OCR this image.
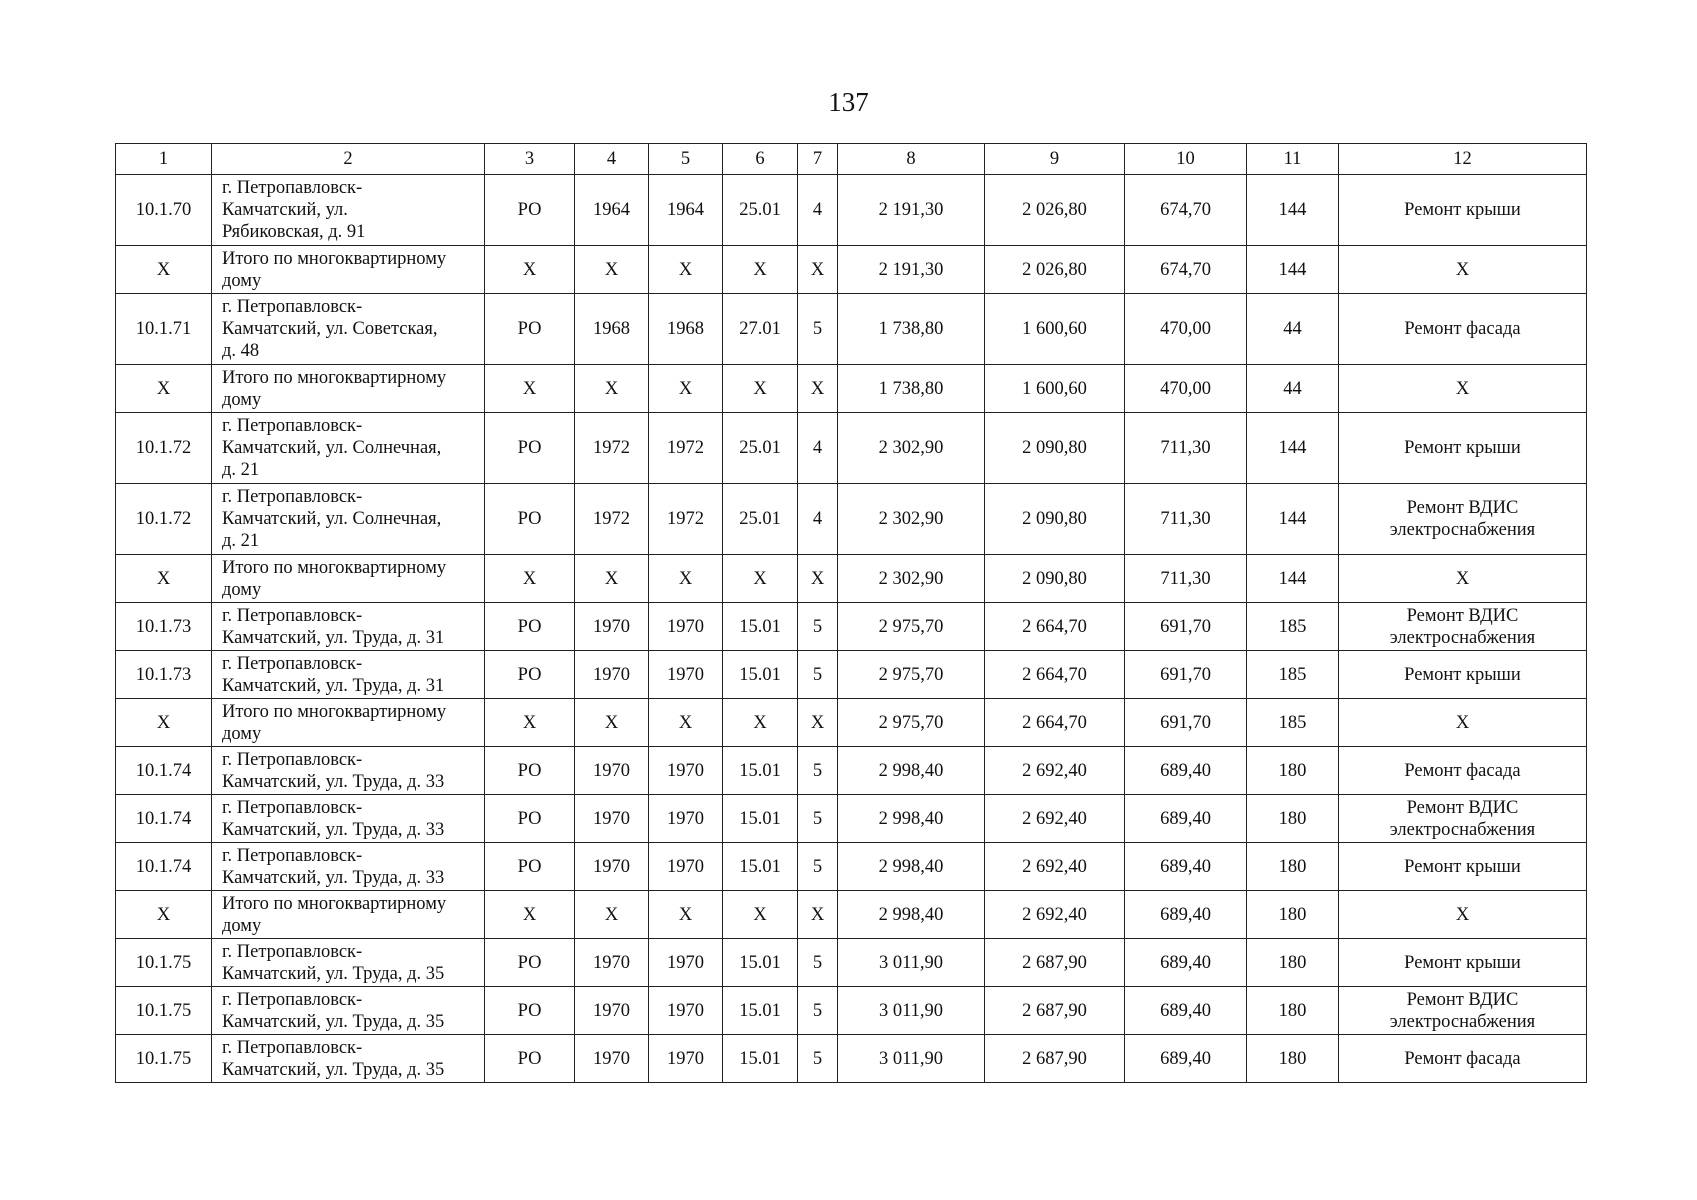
137
1	2	3	4	5	6	7	8	9	10	11	12
10.1.70	г. Петропавловск-
Камчатский, ул.
Рябиковская, д. 91	РО	1964	1964	25.01	4	2 191,30	2 026,80	674,70	144	Ремонт крыши
Х	Итого по многоквартирному
дому	Х	Х	Х	Х	Х	2 191,30	2 026,80	674,70	144	Х
10.1.71	г. Петропавловск-
Камчатский, ул. Советская,
д. 48	РО	1968	1968	27.01	5	1 738,80	1 600,60	470,00	44	Ремонт фасада
Х	Итого по многоквартирному
дому	Х	Х	Х	Х	Х	1 738,80	1 600,60	470,00	44	Х
10.1.72	г. Петропавловск-
Камчатский, ул. Солнечная,
д. 21	РО	1972	1972	25.01	4	2 302,90	2 090,80	711,30	144	Ремонт крыши
10.1.72	г. Петропавловск-
Камчатский, ул. Солнечная,
д. 21	РО	1972	1972	25.01	4	2 302,90	2 090,80	711,30	144	Ремонт ВДИС
электроснабжения
Х	Итого по многоквартирному
дому	Х	Х	Х	Х	Х	2 302,90	2 090,80	711,30	144	Х
10.1.73	г. Петропавловск-
Камчатский, ул. Труда, д. 31	РО	1970	1970	15.01	5	2 975,70	2 664,70	691,70	185	Ремонт ВДИС
электроснабжения
10.1.73	г. Петропавловск-
Камчатский, ул. Труда, д. 31	РО	1970	1970	15.01	5	2 975,70	2 664,70	691,70	185	Ремонт крыши
Х	Итого по многоквартирному
дому	Х	Х	Х	Х	Х	2 975,70	2 664,70	691,70	185	Х
10.1.74	г. Петропавловск-
Камчатский, ул. Труда, д. 33	РО	1970	1970	15.01	5	2 998,40	2 692,40	689,40	180	Ремонт фасада
10.1.74	г. Петропавловск-
Камчатский, ул. Труда, д. 33	РО	1970	1970	15.01	5	2 998,40	2 692,40	689,40	180	Ремонт ВДИС
электроснабжения
10.1.74	г. Петропавловск-
Камчатский, ул. Труда, д. 33	РО	1970	1970	15.01	5	2 998,40	2 692,40	689,40	180	Ремонт крыши
Х	Итого по многоквартирному
дому	Х	Х	Х	Х	Х	2 998,40	2 692,40	689,40	180	Х
10.1.75	г. Петропавловск-
Камчатский, ул. Труда, д. 35	РО	1970	1970	15.01	5	3 011,90	2 687,90	689,40	180	Ремонт крыши
10.1.75	г. Петропавловск-
Камчатский, ул. Труда, д. 35	РО	1970	1970	15.01	5	3 011,90	2 687,90	689,40	180	Ремонт ВДИС
электроснабжения
10.1.75	г. Петропавловск-
Камчатский, ул. Труда, д. 35	РО	1970	1970	15.01	5	3 011,90	2 687,90	689,40	180	Ремонт фасада
